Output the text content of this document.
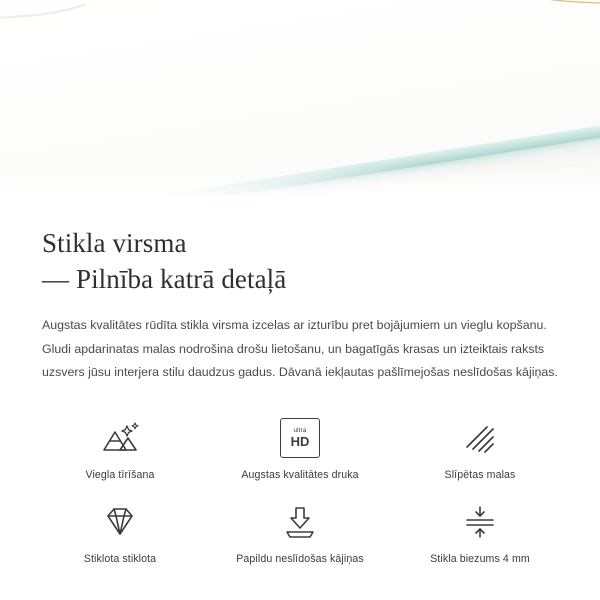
Stikla virsma
— Pilnība katrā detaļā

Augstas kvalitātes rūdīta stikla virsma izcelas ar izturību pret bojājumiem un vieglu kopšanu. Gludi apdarinatas malas nodrošina drošu lietošanu, un bagatīgās krasas un izteiktais raksts uzsvers jūsu interjera stilu daudzus gadus. Dāvanā iekļautas pašlīmejošas neslīdošas kājiņas.

Viegla tīrīšana
ultra
HD
Augstas kvalitātes druka	Slīpētas malas
Stiklota stiklota	Papildu neslīdošas kājiņas	Stikla biezums 4 mm
